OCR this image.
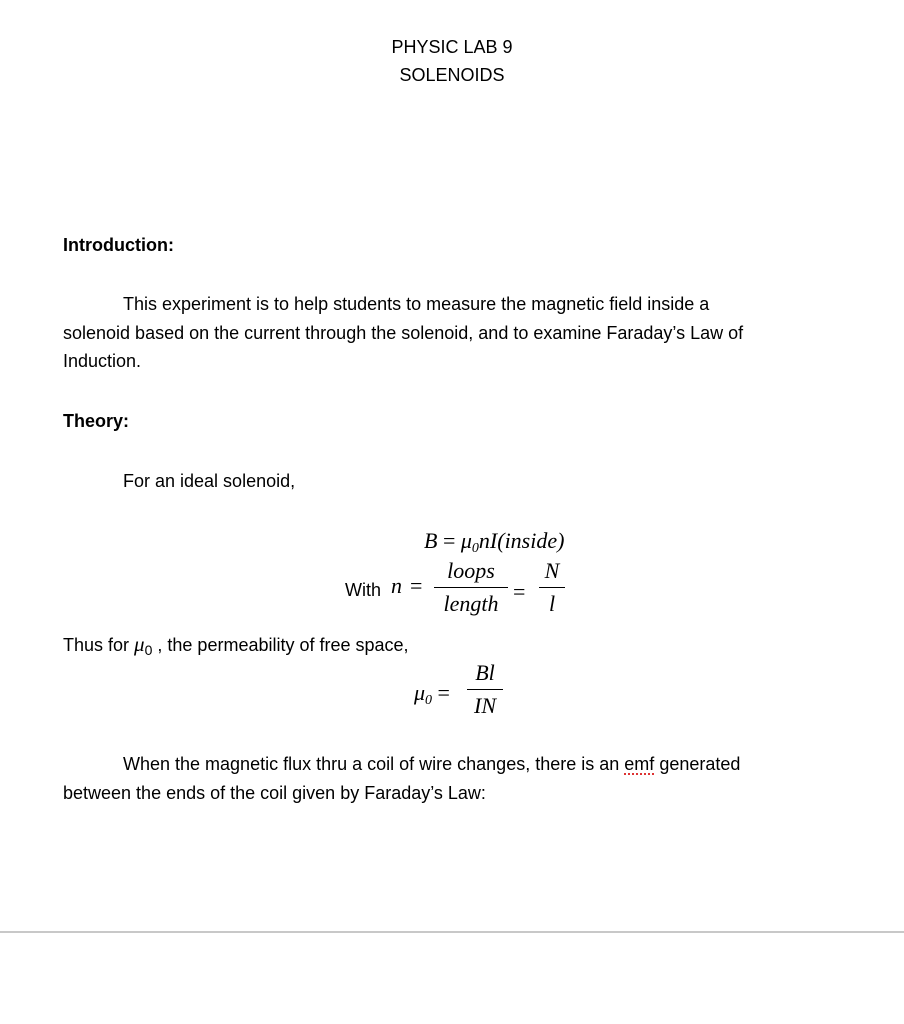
PHYSIC LAB 9
SOLENOIDS
Introduction:
This experiment is to help students to measure the magnetic field inside a
solenoid based on the current through the solenoid, and to examine Faraday’s Law of
Induction.
Theory:
For an ideal solenoid,
$B = \mu_0nI(inside)$
With n =
loops
length =
N
l
Thus for $\mu_0$ , the permeability of free space,
$\mu_0$ =
Bl
IN
When the magnetic flux thru a coil of wire changes, there is an emf generated
between the ends of the coil given by Faraday’s Law:
